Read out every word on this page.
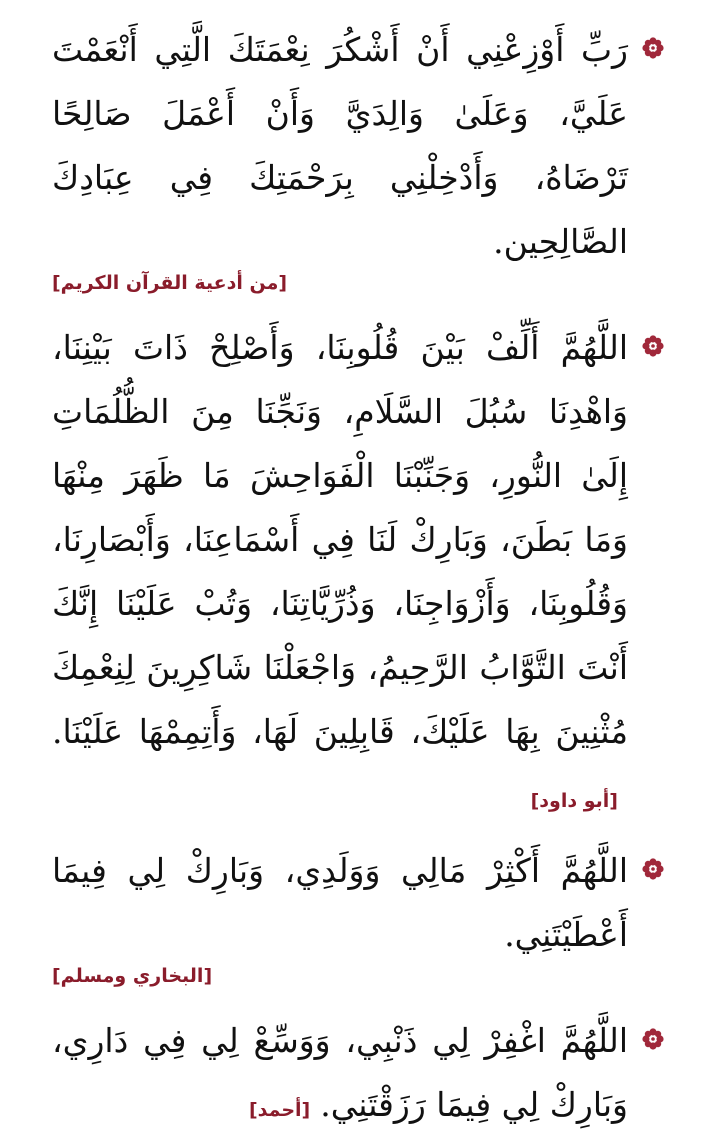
رَبِّ أَوْزِعْنِي أَنْ أَشْكُرَ نِعْمَتَكَ الَّتِي أَنْعَمْتَ عَلَيَّ، وَعَلَىٰ وَالِدَيَّ وَأَنْ أَعْمَلَ صَالِحًا تَرْضَاهُ، وَأَدْخِلْنِي بِرَحْمَتِكَ فِي عِبَادِكَ الصَّالِحِين.

[من أدعية القرآن الكريم]

اللَّهُمَّ أَلِّفْ بَيْنَ قُلُوبِنَا، وَأَصْلِحْ ذَاتَ بَيْنِنَا، وَاهْدِنَا سُبُلَ السَّلَامِ، وَنَجِّنَا مِنَ الظُّلُمَاتِ إِلَىٰ النُّورِ، وَجَنِّبْنَا الْفَوَاحِشَ مَا ظَهَرَ مِنْهَا وَمَا بَطَنَ، وَبَارِكْ لَنَا فِي أَسْمَاعِنَا، وَأَبْصَارِنَا، وَقُلُوبِنَا، وَأَزْوَاجِنَا، وَذُرِّيَّاتِنَا، وَتُبْ عَلَيْنَا إِنَّكَ أَنْتَ التَّوَّابُ الرَّحِيمُ، وَاجْعَلْنَا شَاكِرِينَ لِنِعْمِكَ مُثْنِينَ بِهَا عَلَيْكَ، قَابِلِينَ لَهَا، وَأَتِمِمْهَا عَلَيْنَا.[أبو داود]

اللَّهُمَّ أَكْثِرْ مَالِي وَوَلَدِي، وَبَارِكْ لِي فِيمَا أَعْطَيْتَنِي.

[البخاري ومسلم]

اللَّهُمَّ اغْفِرْ لِي ذَنْبِي، وَوَسِّعْ لِي فِي دَارِي، وَبَارِكْ لِي فِيمَا رَزَقْتَنِي.[أحمد]
